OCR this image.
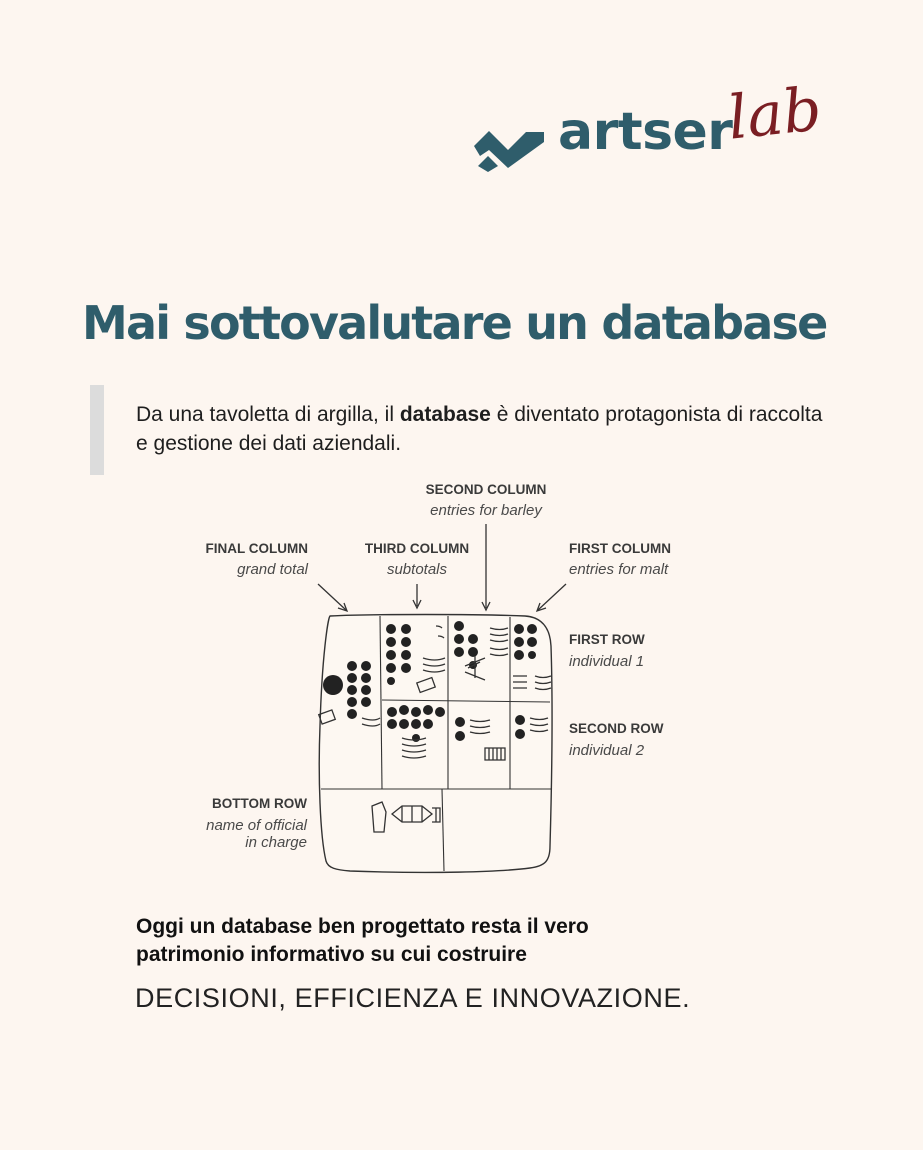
artser
lab
Mai sottovalutare un database

Da una tavoletta di argilla, il database è diventato protagonista di raccolta e gestione dei dati aziendali.

SECOND COLUMN
entries for barley
FINAL COLUMN
grand total
THIRD COLUMN
subtotals
FIRST COLUMN
entries for malt
FIRST ROW
individual 1
SECOND ROW
individual 2
BOTTOM ROW
name of official
in charge

Oggi un database ben progettato resta il vero
patrimonio informativo su cui costruire

DECISIONI, EFFICIENZA E INNOVAZIONE.
